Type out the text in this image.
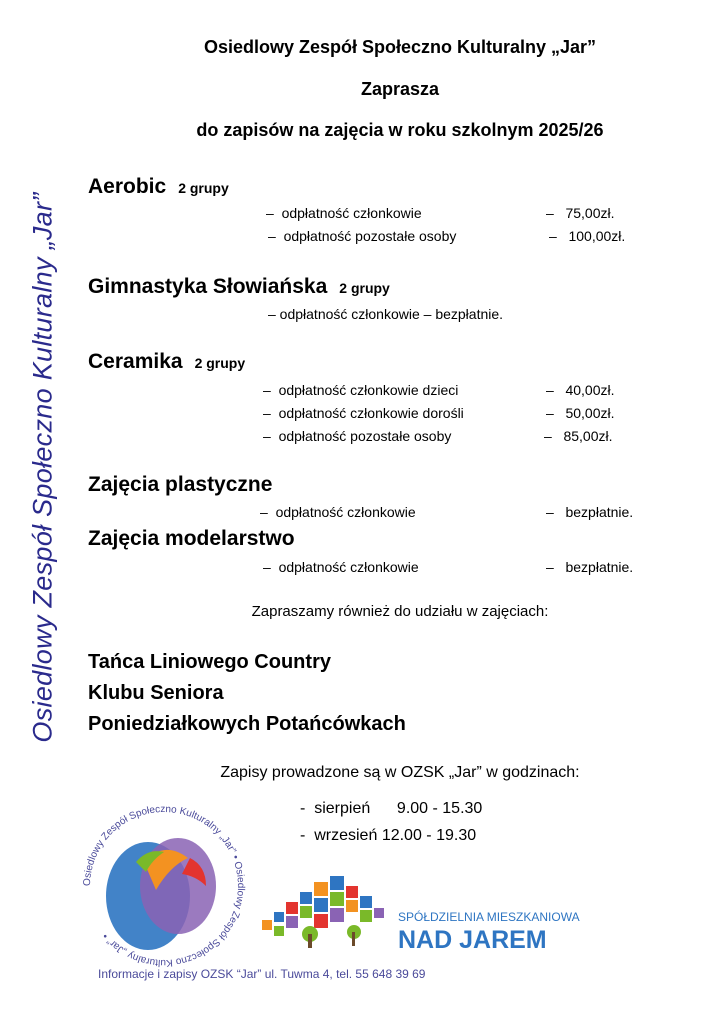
Osiedlowy Zespół Społeczno Kulturalny „Jar”
Osiedlowy Zespół Społeczno Kulturalny „Jar”
Zaprasza
do zapisów na zajęcia w roku szkolnym 2025/26
Aerobic 2 grupy
– odpłatność członkowie	– 75,00zł.
– odpłatność pozostałe osoby	– 100,00zł.
Gimnastyka Słowiańska 2 grupy
– odpłatność członkowie – bezpłatnie.
Ceramika 2 grupy
– odpłatność członkowie dzieci	– 40,00zł.
– odpłatność członkowie dorośli	– 50,00zł.
– odpłatność pozostałe osoby	– 85,00zł.
Zajęcia plastyczne
– odpłatność członkowie	– bezpłatnie.
Zajęcia modelarstwo
– odpłatność członkowie	– bezpłatnie.
Zapraszamy również do udziału w zajęciach:
Tańca Liniowego Country
Klubu Seniora
Poniedziałkowych Potańcówkach
Zapisy prowadzone są w OZSK „Jar” w godzinach:
- sierpień 9.00 - 15.30
- wrzesień 12.00 - 19.30
Osiedlowy Zespół Społeczno Kulturalny „Jar” • Osiedlowy Zespół Społeczno Kulturalny „Jar” •
SPÓŁDZIELNIA MIESZKANIOWA
NAD JAREM
Informacje i zapisy OZSK “Jar” ul. Tuwma 4, tel. 55 648 39 69
